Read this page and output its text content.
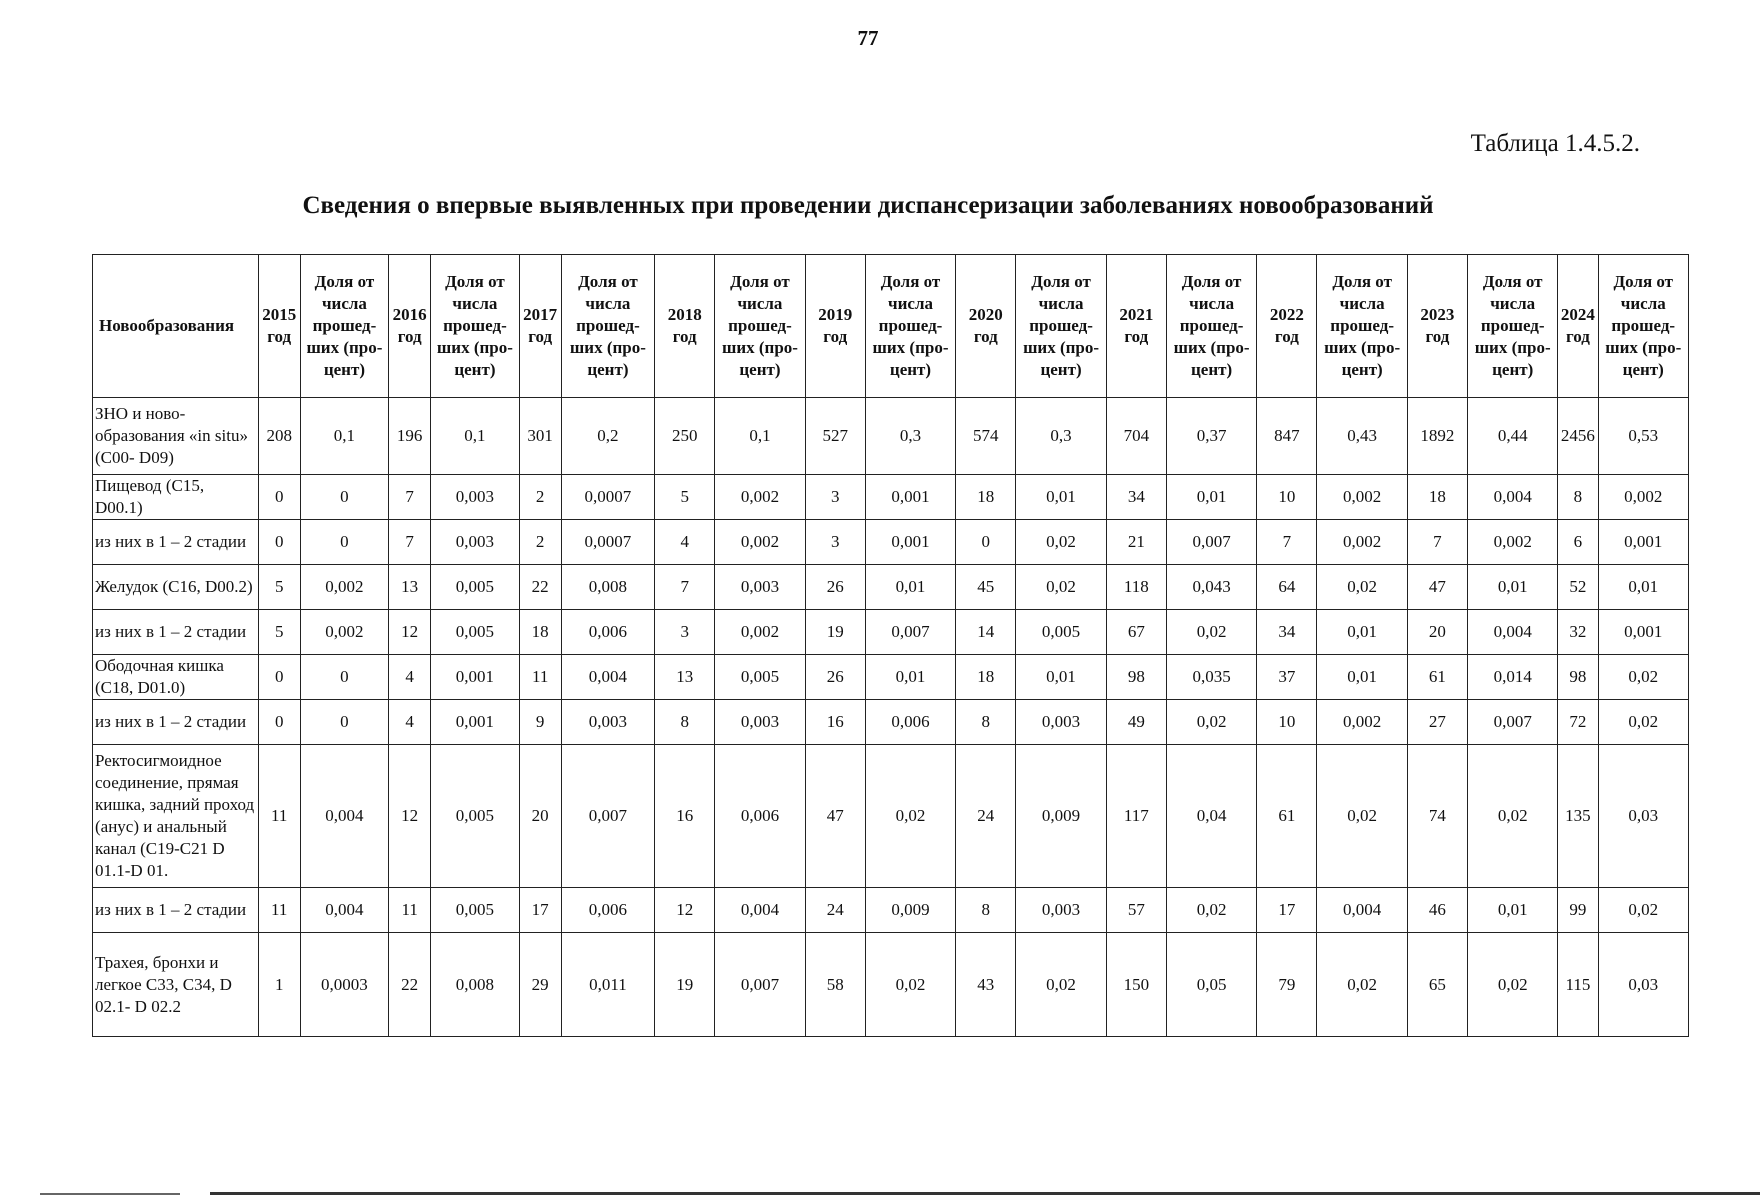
77
Таблица 1.4.5.2.
Сведения о впервые выявленных при проведении диспансеризации заболеваниях новообразований
Новообразования	2015 год	Доля от числа прошед-ших (про-цент)	2016 год	Доля от числа прошед-ших (про-цент)	2017 год	Доля от числа прошед-ших (про-цент)	2018 год	Доля от числа прошед-ших (про-цент)	2019 год	Доля от числа прошед-ших (про-цент)	2020 год	Доля от числа прошед-ших (про-цент)	2021 год	Доля от числа прошед-ших (про-цент)	2022 год	Доля от числа прошед-ших (про-цент)	2023 год	Доля от числа прошед-ших (про-цент)	2024 год	Доля от числа прошед-ших (про-цент)
ЗНО и ново-образования «in situ» (С00- D09)	208	0,1	196	0,1	301	0,2	250	0,1	527	0,3	574	0,3	704	0,37	847	0,43	1892	0,44	2456	0,53
Пищевод (С15, D00.1)	0	0	7	0,003	2	0,0007	5	0,002	3	0,001	18	0,01	34	0,01	10	0,002	18	0,004	8	0,002
из них в 1 – 2 стадии	0	0	7	0,003	2	0,0007	4	0,002	3	0,001	0	0,02	21	0,007	7	0,002	7	0,002	6	0,001
Желудок (С16, D00.2)	5	0,002	13	0,005	22	0,008	7	0,003	26	0,01	45	0,02	118	0,043	64	0,02	47	0,01	52	0,01
из них в 1 – 2 стадии	5	0,002	12	0,005	18	0,006	3	0,002	19	0,007	14	0,005	67	0,02	34	0,01	20	0,004	32	0,001
Ободочная кишка (С18, D01.0)	0	0	4	0,001	11	0,004	13	0,005	26	0,01	18	0,01	98	0,035	37	0,01	61	0,014	98	0,02
из них в 1 – 2 стадии	0	0	4	0,001	9	0,003	8	0,003	16	0,006	8	0,003	49	0,02	10	0,002	27	0,007	72	0,02
Ректосигмоидное соединение, прямая кишка, задний проход (анус) и анальный канал (С19-С21 D 01.1-D 01.	11	0,004	12	0,005	20	0,007	16	0,006	47	0,02	24	0,009	117	0,04	61	0,02	74	0,02	135	0,03
из них в 1 – 2 стадии	11	0,004	11	0,005	17	0,006	12	0,004	24	0,009	8	0,003	57	0,02	17	0,004	46	0,01	99	0,02
Трахея, бронхи и легкое С33, С34, D 02.1- D 02.2	1	0,0003	22	0,008	29	0,011	19	0,007	58	0,02	43	0,02	150	0,05	79	0,02	65	0,02	115	0,03
